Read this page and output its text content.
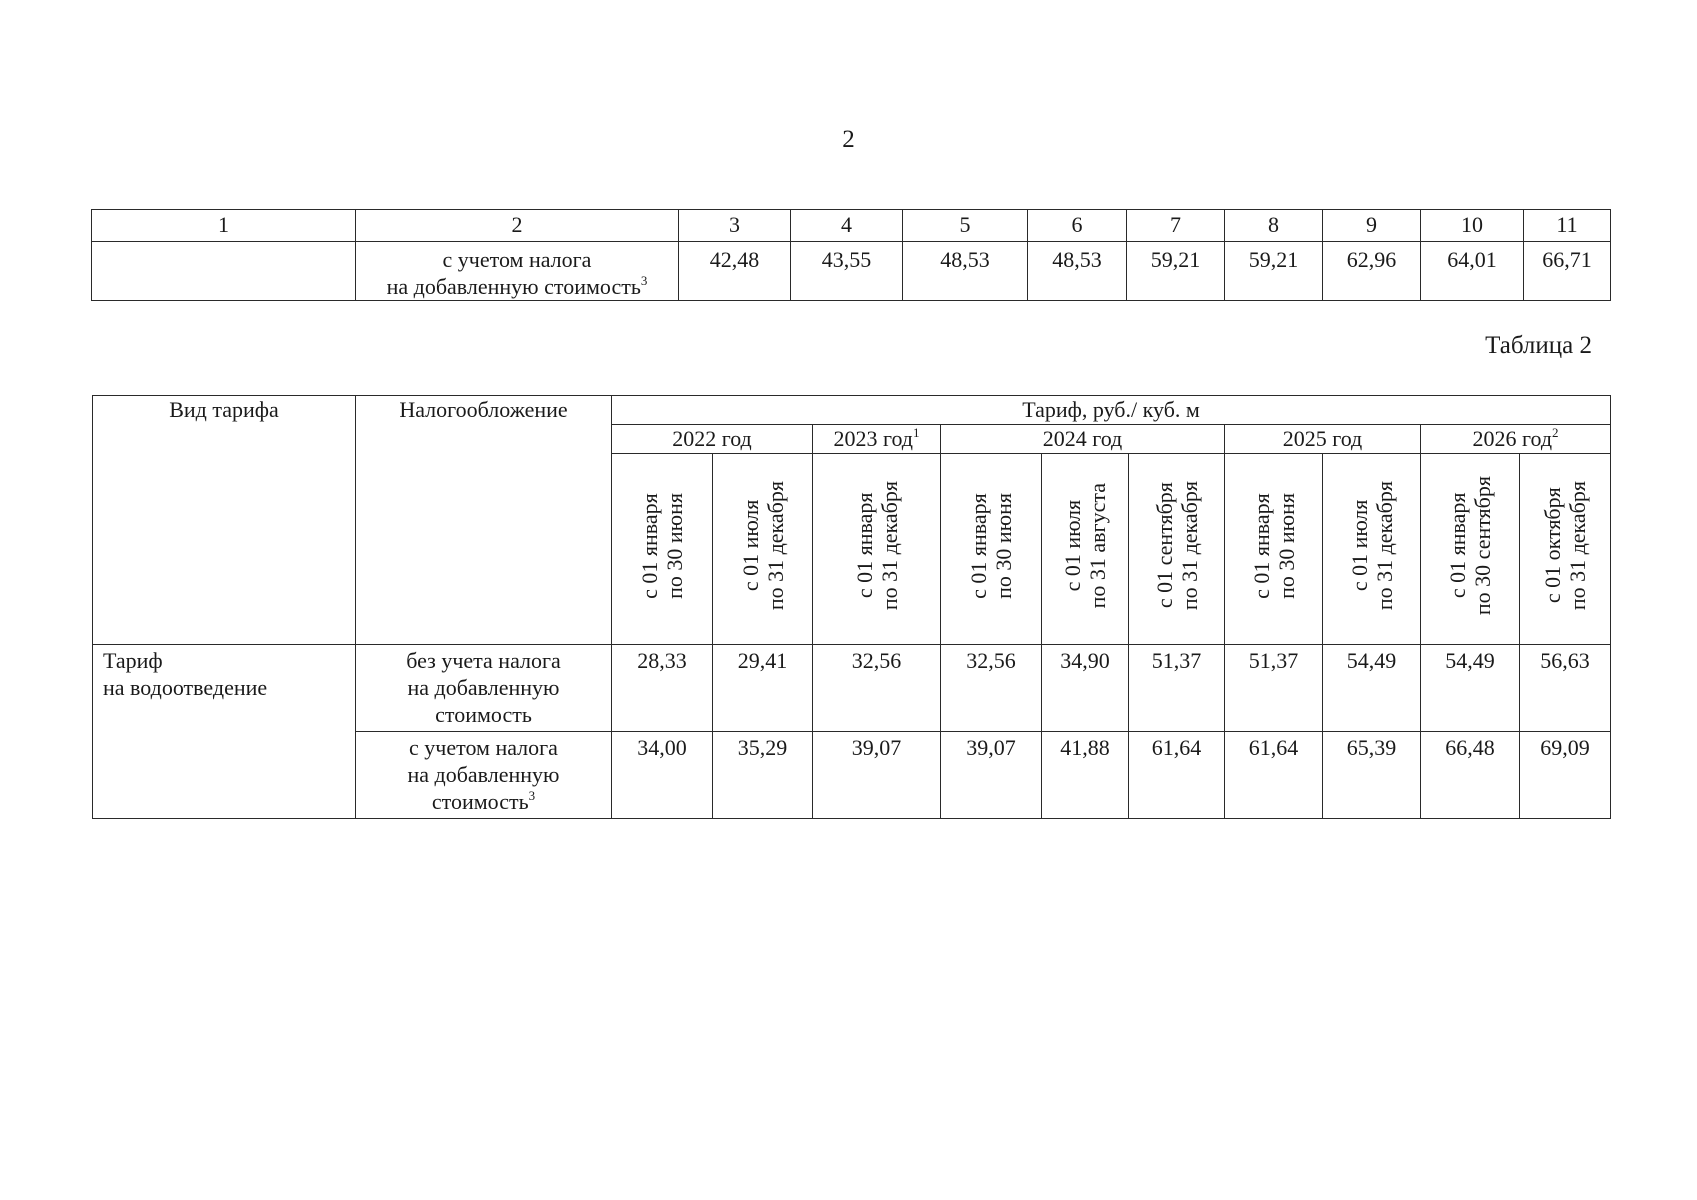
2
1	2	3	4	5	6	7	8	9	10	11

	с учетом налога
на добавленную стоимость$^3$	42,48	43,55	48,53	48,53	59,21	59,21	62,96	64,01	66,71
Таблица 2
Вид тарифа	Налогообложение	Тариф, руб./ куб. м									
		2022 год		2023 год$^1$	2024 год			2025 год		2026 год$^2$
		с 01 января
по 30 июня	с 01 июля
по 31 декабря	с 01 января
по 31 декабря	с 01 января
по 30 июня	с 01 июля
по 31 августа	с 01 сентября
по 31 декабря	с 01 января
по 30 июня	с 01 июля
по 31 декабря	с 01 января
по 30 сентября	с 01 октября
по 31 декабря

Тариф
на водоотведение	без учета налога
на добавленную
стоимость	28,33	29,41	32,56	32,56	34,90	51,37	51,37	54,49	54,49	56,63

	с учетом налога
на добавленную
стоимость$^3$	34,00	35,29	39,07	39,07	41,88	61,64	61,64	65,39	66,48	69,09
